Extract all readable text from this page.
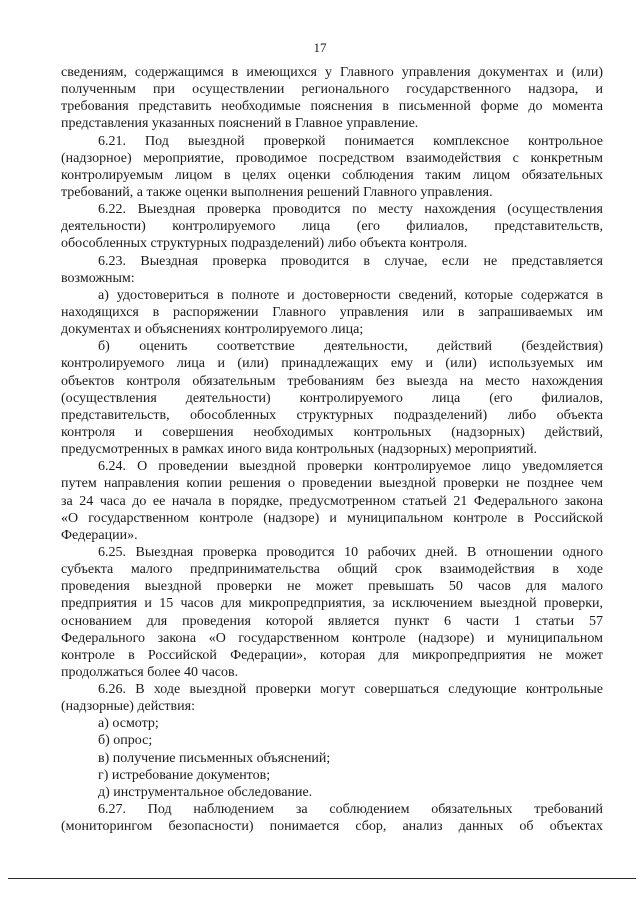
17
сведениям, содержащимся в имеющихся у Главного управления документах и (или)
полученным при осуществлении регионального государственного надзора, и
требования представить необходимые пояснения в письменной форме до момента
представления указанных пояснений в Главное управление.
6.21. Под выездной проверкой понимается комплексное контрольное
(надзорное) мероприятие, проводимое посредством взаимодействия с конкретным
контролируемым лицом в целях оценки соблюдения таким лицом обязательных
требований, а также оценки выполнения решений Главного управления.
6.22. Выездная проверка проводится по месту нахождения (осуществления
деятельности) контролируемого лица (его филиалов, представительств,
обособленных структурных подразделений) либо объекта контроля.
6.23. Выездная проверка проводится в случае, если не представляется
возможным:
а) удостовериться в полноте и достоверности сведений, которые содержатся в
находящихся в распоряжении Главного управления или в запрашиваемых им
документах и объяснениях контролируемого лица;
б) оценить соответствие деятельности, действий (бездействия)
контролируемого лица и (или) принадлежащих ему и (или) используемых им
объектов контроля обязательным требованиям без выезда на место нахождения
(осуществления деятельности) контролируемого лица (его филиалов,
представительств, обособленных структурных подразделений) либо объекта
контроля и совершения необходимых контрольных (надзорных) действий,
предусмотренных в рамках иного вида контрольных (надзорных) мероприятий.
6.24. О проведении выездной проверки контролируемое лицо уведомляется
путем направления копии решения о проведении выездной проверки не позднее чем
за 24 часа до ее начала в порядке, предусмотренном статьей 21 Федерального закона
«О государственном контроле (надзоре) и муниципальном контроле в Российской
Федерации».
6.25. Выездная проверка проводится 10 рабочих дней. В отношении одного
субъекта малого предпринимательства общий срок взаимодействия в ходе
проведения выездной проверки не может превышать 50 часов для малого
предприятия и 15 часов для микропредприятия, за исключением выездной проверки,
основанием для проведения которой является пункт 6 части 1 статьи 57
Федерального закона «О государственном контроле (надзоре) и муниципальном
контроле в Российской Федерации», которая для микропредприятия не может
продолжаться более 40 часов.
6.26. В ходе выездной проверки могут совершаться следующие контрольные
(надзорные) действия:
а) осмотр;
б) опрос;
в) получение письменных объяснений;
г) истребование документов;
д) инструментальное обследование.
6.27. Под наблюдением за соблюдением обязательных требований
(мониторингом безопасности) понимается сбор, анализ данных об объектах
